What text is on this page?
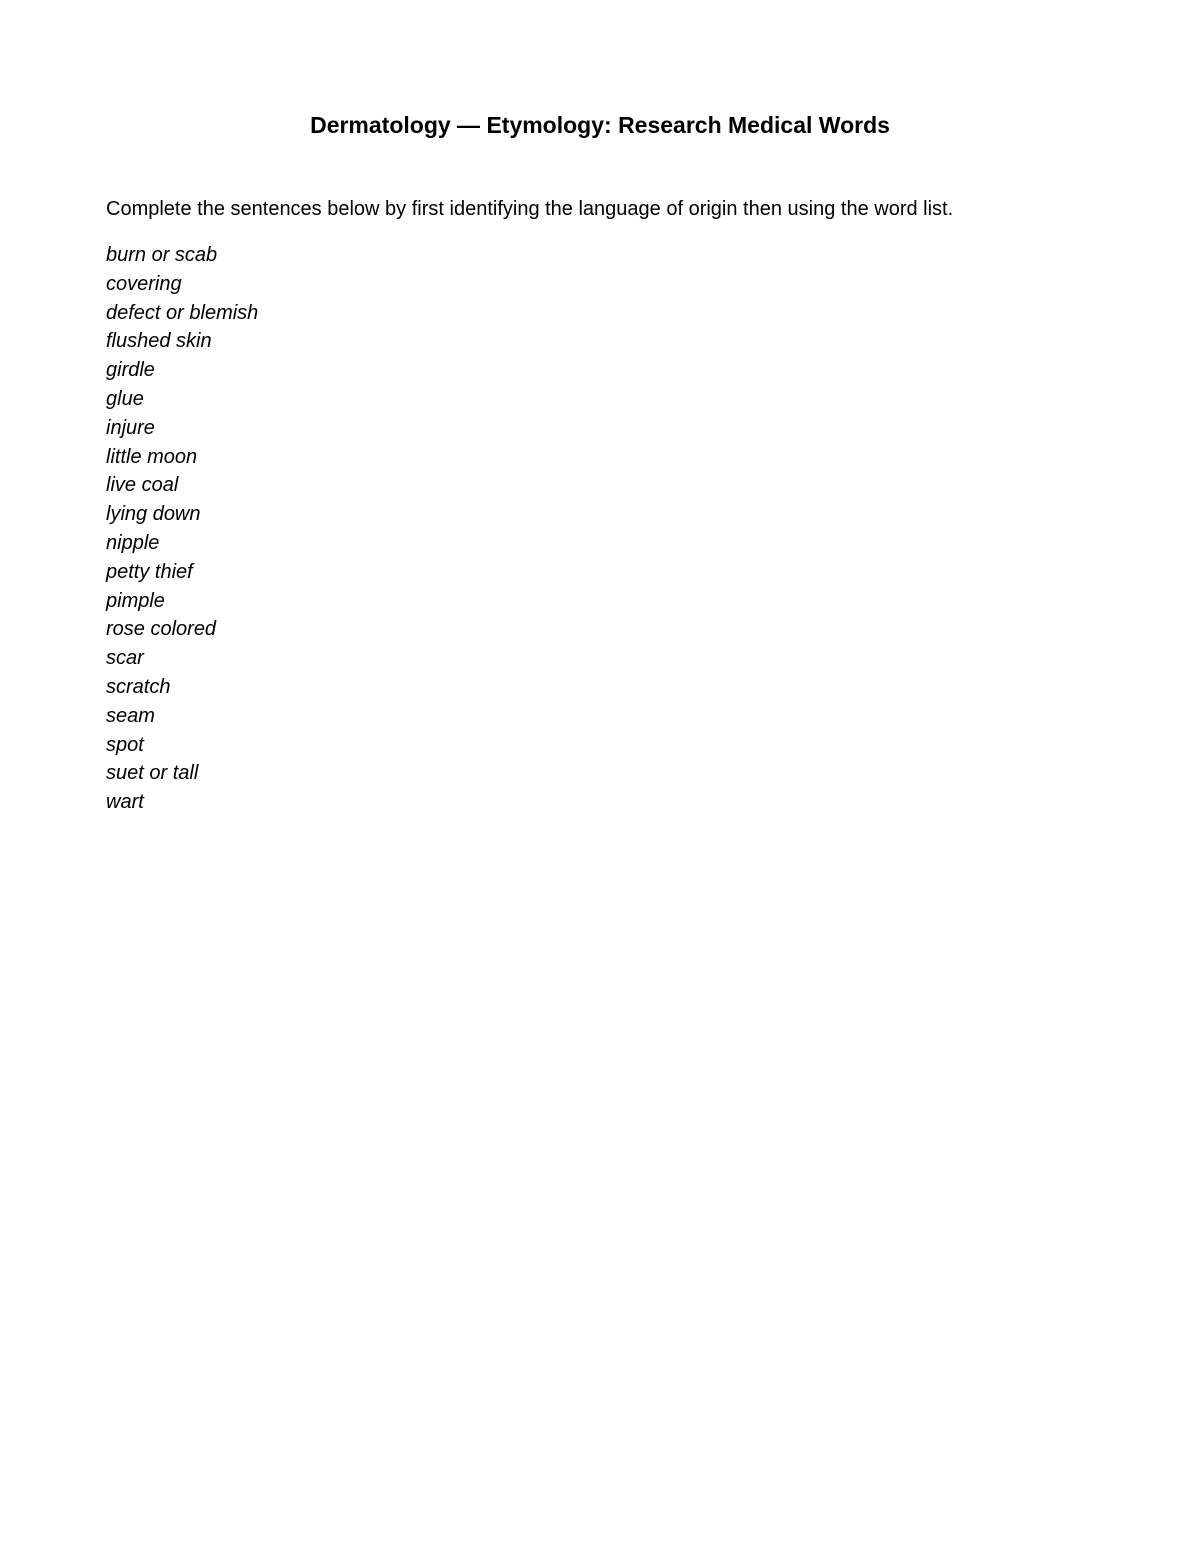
Dermatology — Etymology: Research Medical Words
Complete the sentences below by first identifying the language of origin then using the word list.
burn or scab
covering
defect or blemish
flushed skin
girdle
glue
injure
little moon
live coal
lying down
nipple
petty thief
pimple
rose colored
scar
scratch
seam
spot
suet or tall
wart
